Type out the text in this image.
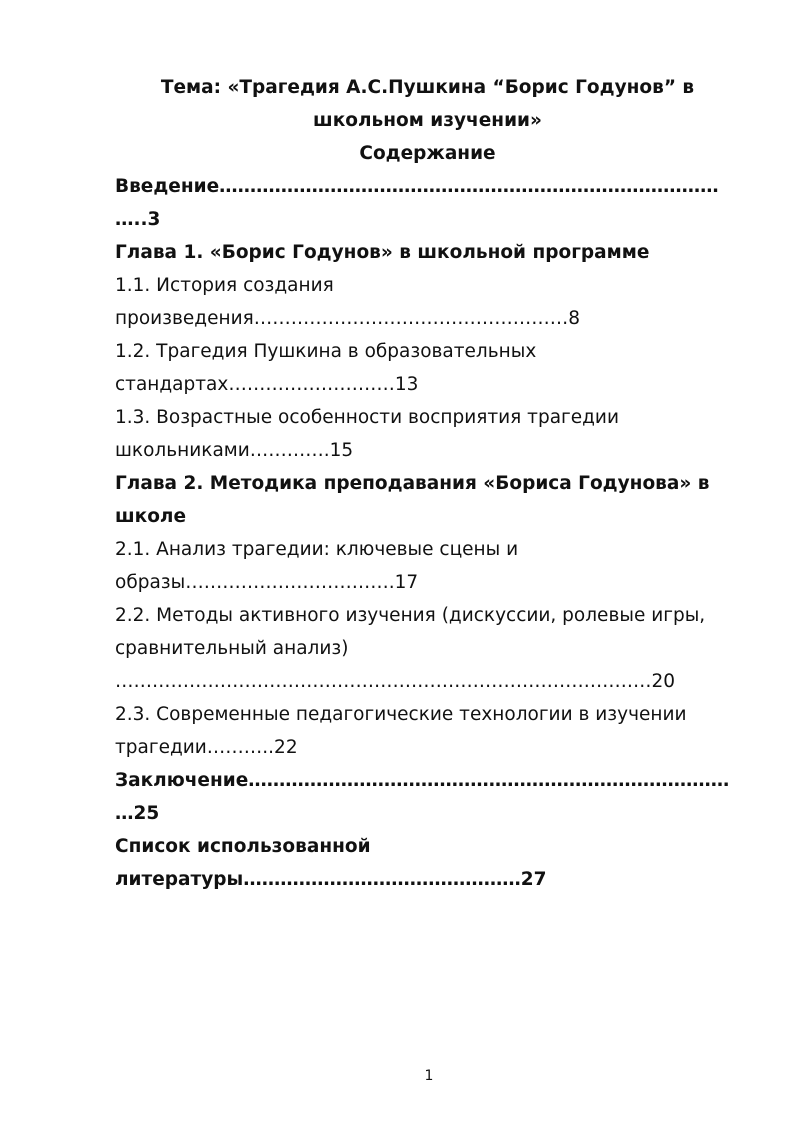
Тема: «Трагедия А.С.Пушкина “Борис Годунов” в
школьном изучении»
Содержание
Введение………………………………………………………………………
…..3
Глава 1. «Борис Годунов» в школьной программе
1.1. История создания
произведения……………………………………………8
1.2. Трагедия Пушкина в образовательных
стандартах………………………13
1.3. Возрастные особенности восприятия трагедии
школьниками………….15
Глава 2. Методика преподавания «Бориса Годунова» в
школе
2.1. Анализ трагедии: ключевые сцены и
образы…………………………….17
2.2. Методы активного изучения (дискуссии, ролевые игры,
сравнительный анализ)
……………………………………………………………………………20
2.3. Современные педагогические технологии в изучении
трагедии………..22
Заключение……………………………………………………………………
…25
Список использованной
литературы………………………………………27
1
